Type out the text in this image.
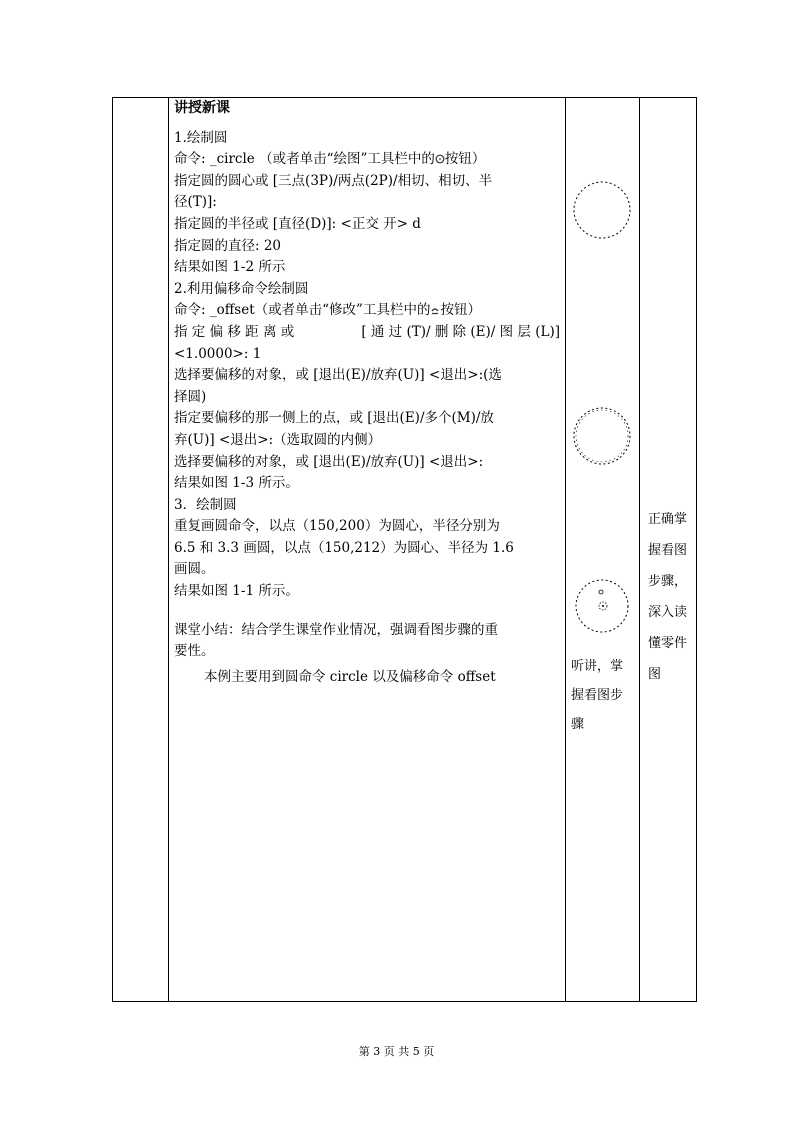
讲授新课
1.绘制圆
命令: _circle （或者单击“绘图”工具栏中的 按钮）
指定圆的圆心或 [三点(3P)/两点(2P)/相切、相切、半
径(T)]:
指定圆的半径或 [直径(D)]: <正交 开> d
指定圆的直径: 20
结果如图 1-2 所示
2.利用偏移命令绘制圆
命令: _offset（或者单击“修改”工具栏中的 按钮）
指 定 偏 移 距 离 或	[ 通 过 (T)/ 删 除 (E)/ 图 层 (L)]
<1.0000>: 1
选择要偏移的对象，或 [退出(E)/放弃(U)] <退出>:(选
择圆)
指定要偏移的那一侧上的点，或 [退出(E)/多个(M)/放
弃(U)] <退出>:（选取圆的内侧）
选择要偏移的对象，或 [退出(E)/放弃(U)] <退出>:
结果如图 1-3 所示。
3．绘制圆
重复画圆命令，以点（150,200）为圆心，半径分别为
6.5 和 3.3 画圆，以点（150,212）为圆心、半径为 1.6
画圆。
结果如图 1-1 所示。
课堂小结：结合学生课堂作业情况，强调看图步骤的重
要性。
本例主要用到圆命令 circle 以及偏移命令 offset
听讲，掌
握看图步
骤
正确掌
握看图
步骤，
深入读
懂零件
图
第 3 页 共 5 页
